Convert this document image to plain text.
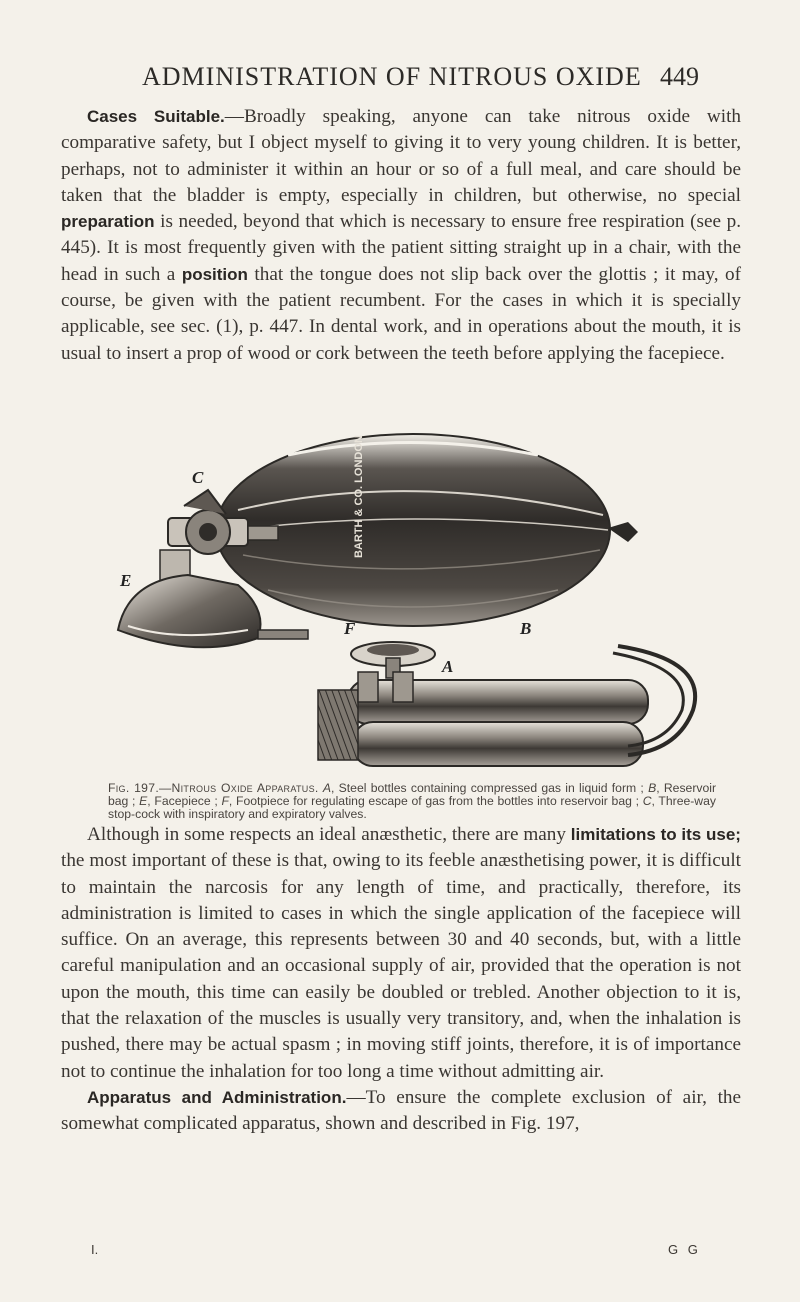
ADMINISTRATION OF NITROUS OXIDE 449
Cases Suitable.—Broadly speaking, anyone can take nitrous oxide with comparative safety, but I object myself to giving it to very young children. It is better, perhaps, not to administer it within an hour or so of a full meal, and care should be taken that the bladder is empty, especially in children, but otherwise, no special preparation is needed, beyond that which is necessary to ensure free respiration (see p. 445). It is most frequently given with the patient sitting straight up in a chair, with the head in such a position that the tongue does not slip back over the glottis ; it may, of course, be given with the patient recumbent. For the cases in which it is specially applicable, see sec. (1), p. 447. In dental work, and in operations about the mouth, it is usual to insert a prop of wood or cork between the teeth before applying the facepiece.
BARTH & CO. LONDON
C
E
F	B
A
Fig. 197.—Nitrous Oxide Apparatus. A, Steel bottles containing compressed gas in liquid form ; B, Reservoir bag ; E, Facepiece ; F, Footpiece for regulating escape of gas from the bottles into reservoir bag ; C, Three-way stop-cock with inspiratory and expiratory valves.
Although in some respects an ideal anæsthetic, there are many limitations to its use; the most important of these is that, owing to its feeble anæsthetising power, it is difficult to maintain the narcosis for any length of time, and practically, therefore, its administration is limited to cases in which the single application of the facepiece will suffice. On an average, this represents between 30 and 40 seconds, but, with a little careful manipulation and an occasional supply of air, provided that the operation is not upon the mouth, this time can easily be doubled or trebled. Another objection to it is, that the relaxation of the muscles is usually very transitory, and, when the inhalation is pushed, there may be actual spasm ; in moving stiff joints, therefore, it is of importance not to continue the inhalation for too long a time without admitting air.
Apparatus and Administration.—To ensure the complete exclusion of air, the somewhat complicated apparatus, shown and described in Fig. 197,
I.	G G
